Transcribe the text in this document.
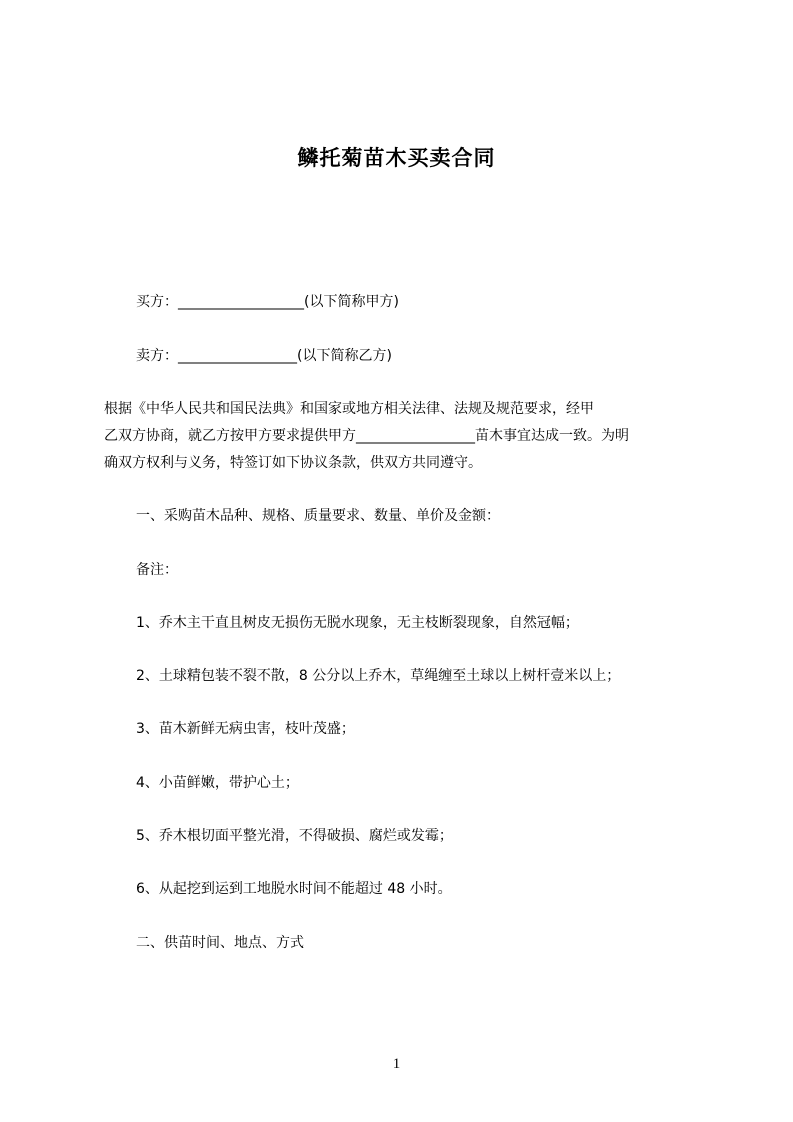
鳞托菊苗木买卖合同
买方：__________________(以下简称甲方)
卖方：_________________(以下简称乙方)
根据《中华人民共和国民法典》和国家或地方相关法律、法规及规范要求，经甲
乙双方协商，就乙方按甲方要求提供甲方_________________苗木事宜达成一致。为明
确双方权利与义务，特签订如下协议条款，供双方共同遵守。
一、采购苗木品种、规格、质量要求、数量、单价及金额：
备注：
1、乔木主干直且树皮无损伤无脱水现象，无主枝断裂现象，自然冠幅；
2、土球精包装不裂不散，8 公分以上乔木，草绳缠至土球以上树杆壹米以上；
3、苗木新鲜无病虫害，枝叶茂盛；
4、小苗鲜嫩，带护心土；
5、乔木根切面平整光滑，不得破损、腐烂或发霉；
6、从起挖到运到工地脱水时间不能超过 48 小时。
二、供苗时间、地点、方式
1
